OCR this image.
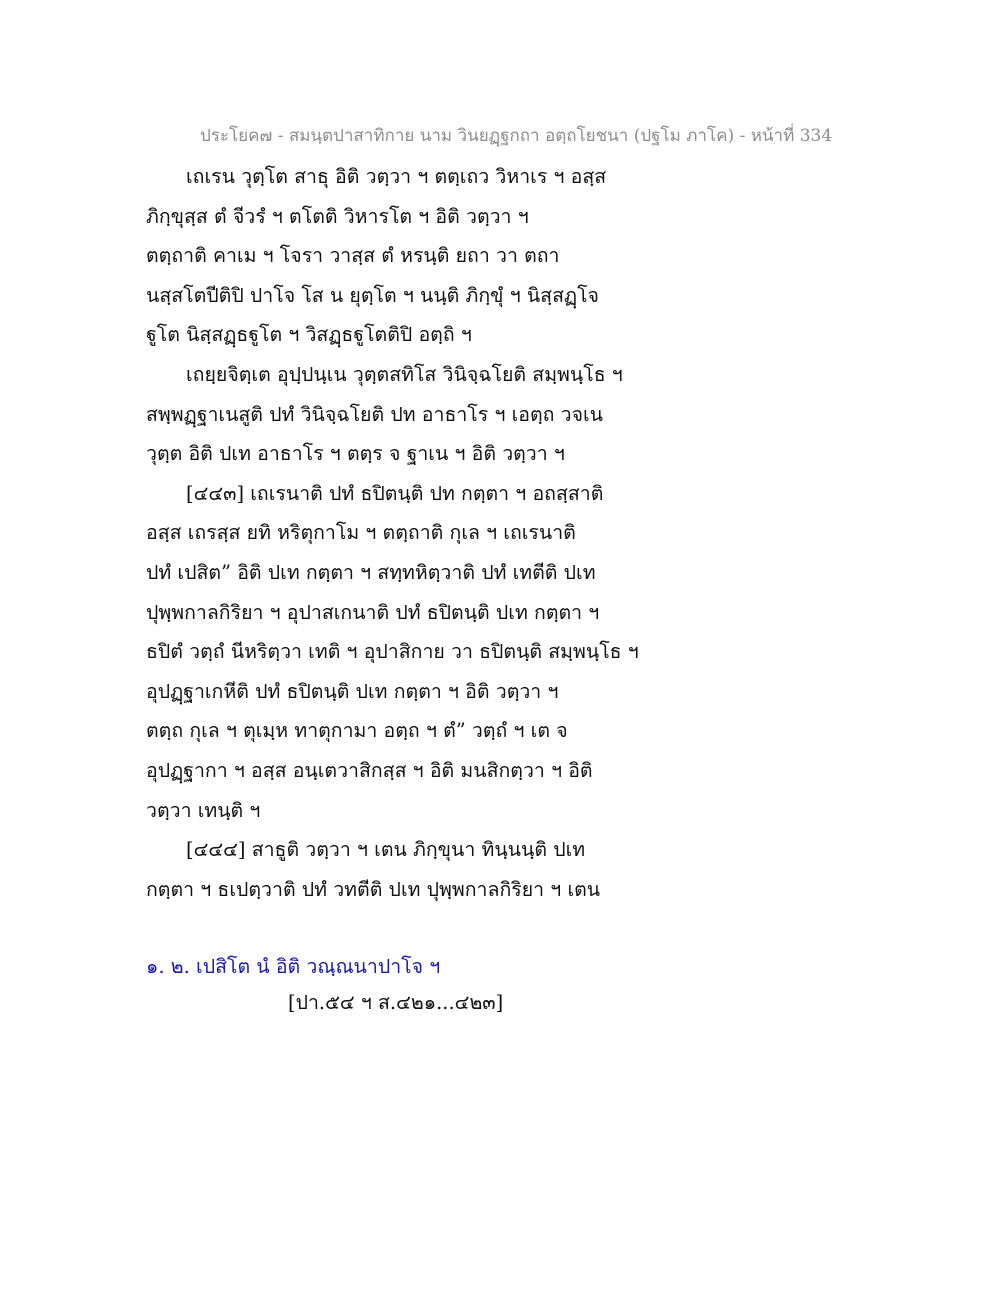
ประโยค๗ - สมนฺตปาสาทิกาย นาม วินยฏฺฐกถา อตฺถโยชนา (ปฐโม ภาโค) - หน้าที่ 334
เถเรน วุตฺโต สาธุ อิติ วตฺวา ฯ ตตฺเถว วิหาเร ฯ อสฺส
ภิกฺขุสฺส ตํ จีวรํ ฯ ตโตติ วิหารโต ฯ อิติ วตฺวา ฯ
ตตฺถาติ คาเม ฯ โจรา วาสฺส ตํ หรนฺติ ยถา วา ตถา
นสฺสโตปีติปิ ปาโจ โส น ยุตฺโต ฯ นนฺติ ภิกฺขุํ ฯ นิสฺสฏฺโจ
ฐูโต นิสฺสฏฺธฐูโต ฯ วิสฏฺธฐูโตติปิ อตฺถิ ฯ
เถยฺยจิตฺเต อุปฺปนฺเน วุตฺตสทิโส วินิจฺฉโยติ สมฺพนฺโธ ฯ
สพฺพฏฺฐาเนสูติ ปทํ วินิจฺฉโยติ ปท อาธาโร ฯ เอตฺถ วจเน
วุตฺต อิติ ปเท อาธาโร ฯ ตตฺร จ ฐาเน ฯ อิติ วตฺวา ฯ
[๔๔๓] เถเรนาติ ปทํ ธปิตนฺติ ปท กตฺตา ฯ อถสฺสาติ
อสฺส เถรสฺส ยทิ หริตุกาโม ฯ ตตฺถาติ กุเล ฯ เถเรนาติ
ปทํ เปสิต” อิติ ปเท กตฺตา ฯ สทฺทหิตฺวาติ ปทํ เทตีติ ปเท
ปุพฺพกาลกิริยา ฯ อุปาสเกนาติ ปทํ ธปิตนฺติ ปเท กตฺตา ฯ
ธปิตํ วตฺถํ นีหริตฺวา เทติ ฯ อุปาสิกาย วา ธปิตนฺติ สมฺพนฺโธ ฯ
อุปฏฺฐาเกหีติ ปทํ ธปิตนฺติ ปเท กตฺตา ฯ อิติ วตฺวา ฯ
ตตฺถ กุเล ฯ ตุเมฺห ทาตุกามา อตฺถ ฯ ตํ” วตฺถํ ฯ เต จ
อุปฏฺฐากา ฯ อสฺส อนฺเตวาสิกสฺส ฯ อิติ มนสิกตฺวา ฯ อิติ
วตฺวา เทนฺติ ฯ
[๔๔๔] สาธูติ วตฺวา ฯ เตน ภิกฺขุนา ทินฺนนฺติ ปเท
กตฺตา ฯ ธเปตฺวาติ ปทํ วทตีติ ปเท ปุพฺพกาลกิริยา ฯ เตน
๑. ๒. เปสิโต นํ อิติ วณฺณนาปาโจ ฯ
[ปา.๕๔ ฯ ส.๔๒๑...๔๒๓]
